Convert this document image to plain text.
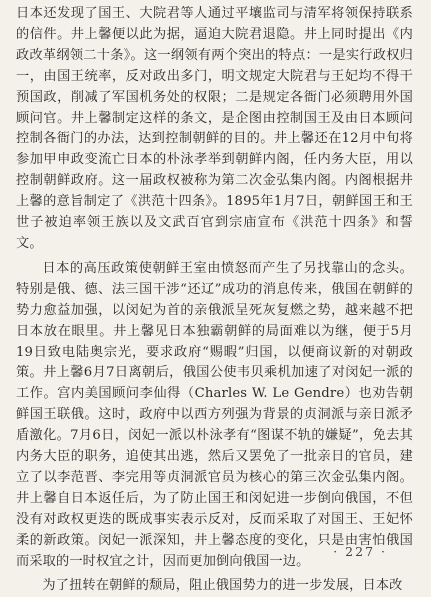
日本还发现了国王、大院君等人通过平壤监司与清军将领保持联系的信件。井上馨便以此为据，逼迫大院君退隐。井上同时提出《内政改革纲领二十条》。这一纲领有两个突出的特点：一是实行政权归一，由国王统率，反对政出多门，明文规定大院君与王妃均不得干预国政，削减了军国机务处的权限；二是规定各衙门必须聘用外国顾问官。井上馨制定这样的条文，是企图由控制国王及由日本顾问控制各衙门的办法，达到控制朝鲜的目的。井上馨还在12月中旬将参加甲申政变流亡日本的朴泳孝举到朝鲜内阁，任内务大臣，用以控制朝鲜政府。这一届政权被称为第二次金弘集内阁。内阁根据井上馨的意旨制定了《洪范十四条》。1895年1月7日，朝鲜国王和王世子被迫率领王族以及文武百官到宗庙宣布《洪范十四条》和誓文。

日本的高压政策使朝鲜王室由愤怒而产生了另找靠山的念头。特别是俄、德、法三国干涉“还辽”成功的消息传来，俄国在朝鲜的势力愈益加强，以闵妃为首的亲俄派呈死灰复燃之势，越来越不把日本放在眼里。井上馨见日本独霸朝鲜的局面难以为继，便于5月19日致电陆奥宗光，要求政府“赐暇”归国，以便商议新的对朝政策。井上馨6月7日离朝后，俄国公使韦贝乘机加速了对闵妃一派的工作。宫内美国顾问李仙得（Charles W. Le Gendre）也劝告朝鲜国王联俄。这时，政府中以西方列强为背景的贞洞派与亲日派矛盾激化。7月6日，闵妃一派以朴泳孝有“图谋不轨的嫌疑”，免去其内务大臣的职务，追使其出逃，然后又罢免了一批亲日的官员，建立了以李范晋、李完用等贞洞派官员为核心的第三次金弘集内阁。井上馨自日本返任后，为了防止国王和闵妃进一步倒向俄国，不但没有对政权更迭的既成事实表示反对，反而采取了对国王、王妃怀柔的新政策。闵妃一派深知，井上馨态度的变化，只是由害怕俄国而采取的一时权宜之计，因而更加倒向俄国一边。

为了扭转在朝鲜的颓局，阻止俄国势力的进一步发展，日本改

· 227 ·
